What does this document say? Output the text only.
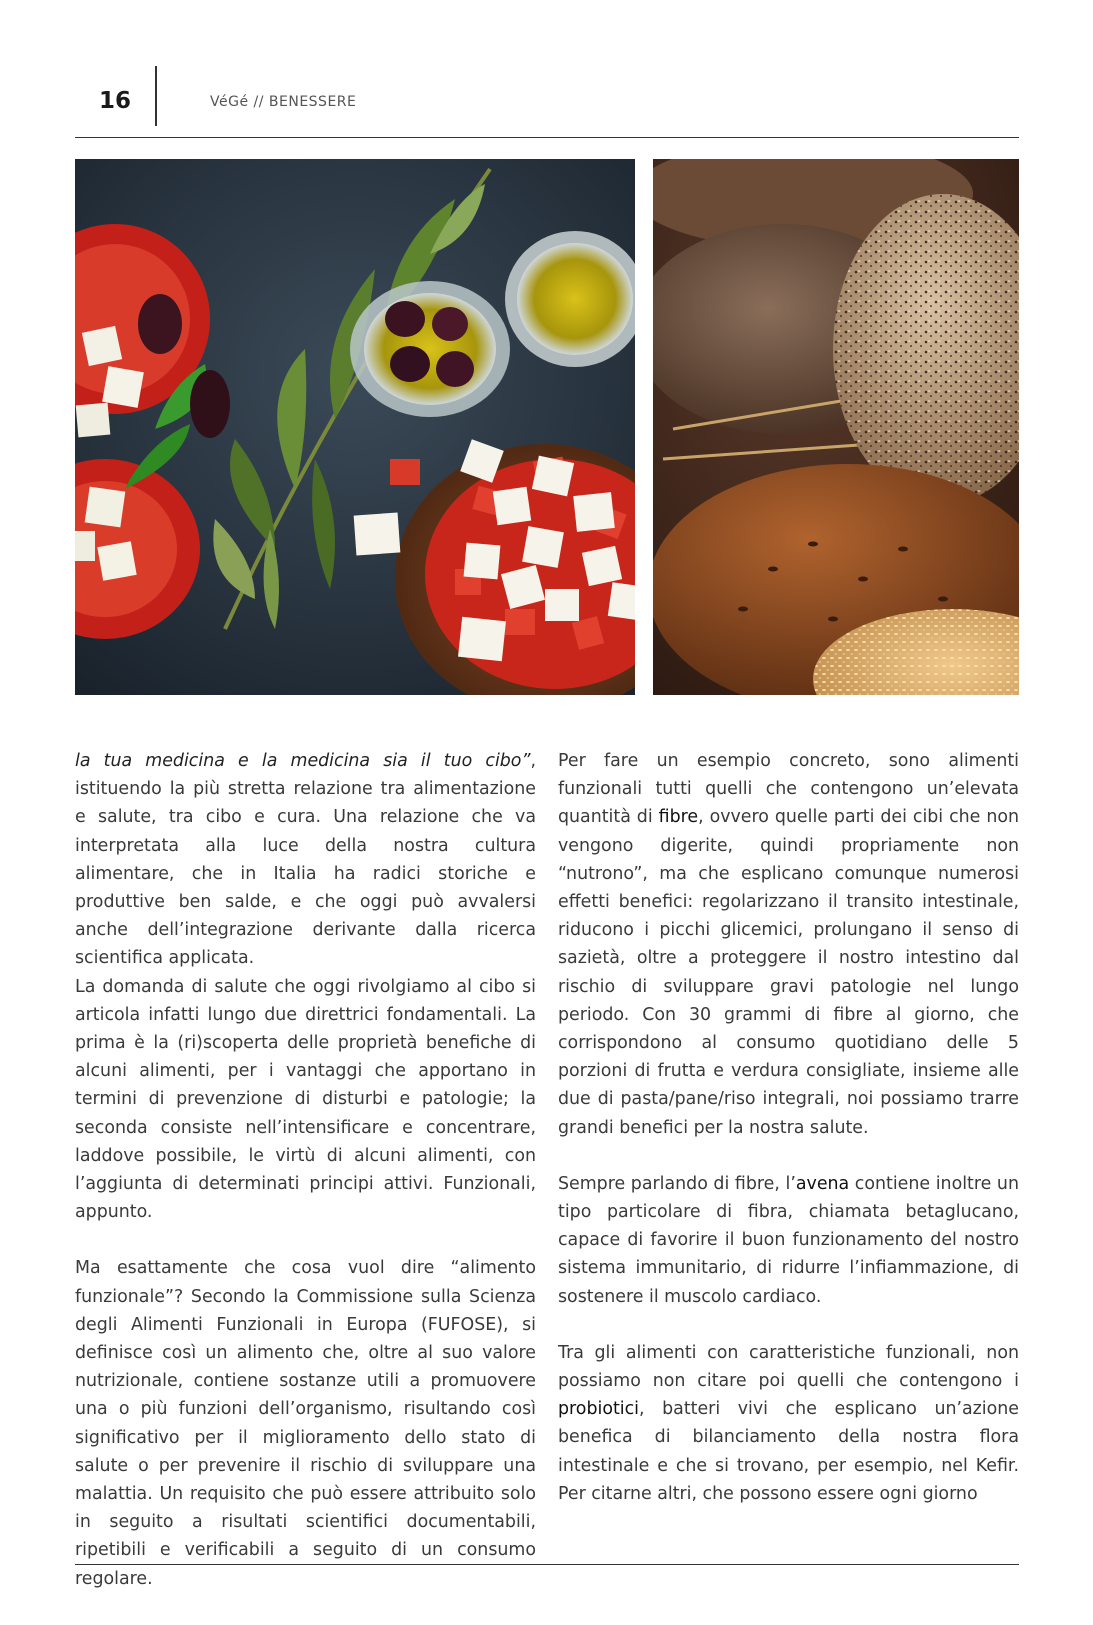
16	VéGé // BENESSERE

la tua medicina e la medicina sia il tuo cibo”, istituendo la più stretta relazione tra alimentazione e salute, tra cibo e cura. Una relazione che va interpretata alla luce della nostra cultura alimentare, che in Italia ha radici storiche e produttive ben salde, e che oggi può avvalersi anche dell’integrazione derivante dalla ricerca scientifica applicata.

La domanda di salute che oggi rivolgiamo al cibo si articola infatti lungo due direttrici fondamentali. La prima è la (ri)scoperta delle proprietà benefiche di alcuni alimenti, per i vantaggi che apportano in termini di prevenzione di disturbi e patologie; la seconda consiste nell’intensificare e concentrare, laddove possibile, le virtù di alcuni alimenti, con l’aggiunta di determinati principi attivi. Funzionali, appunto.

Ma esattamente che cosa vuol dire “alimento funzionale”? Secondo la Commissione sulla Scienza degli Alimenti Funzionali in Europa (FUFOSE), si definisce così un alimento che, oltre al suo valore nutrizionale, contiene sostanze utili a promuovere una o più funzioni dell’organismo, risultando così significativo per il miglioramento dello stato di salute o per prevenire il rischio di sviluppare una malattia. Un requisito che può essere attribuito solo in seguito a risultati scientifici documentabili, ripetibili e verificabili a seguito di un consumo regolare.

Per fare un esempio concreto, sono alimenti funzionali tutti quelli che contengono un’elevata quantità di fibre, ovvero quelle parti dei cibi che non vengono digerite, quindi propriamente non “nutrono”, ma che esplicano comunque numerosi effetti benefici: regolarizzano il transito intestinale, riducono i picchi glicemici, prolungano il senso di sazietà, oltre a proteggere il nostro intestino dal rischio di sviluppare gravi patologie nel lungo periodo. Con 30 grammi di fibre al giorno, che corrispondono al consumo quotidiano delle 5 porzioni di frutta e verdura consigliate, insieme alle due di pasta/pane/riso integrali, noi possiamo trarre grandi benefici per la nostra salute.

Sempre parlando di fibre, l’avena contiene inoltre un tipo particolare di fibra, chiamata betaglucano, capace di favorire il buon funzionamento del nostro sistema immunitario, di ridurre l’infiammazione, di sostenere il muscolo cardiaco.

Tra gli alimenti con caratteristiche funzionali, non possiamo non citare poi quelli che contengono i probiotici, batteri vivi che esplicano un’azione benefica di bilanciamento della nostra flora intestinale e che si trovano, per esempio, nel Kefir. Per citarne altri, che possono essere ogni giorno
